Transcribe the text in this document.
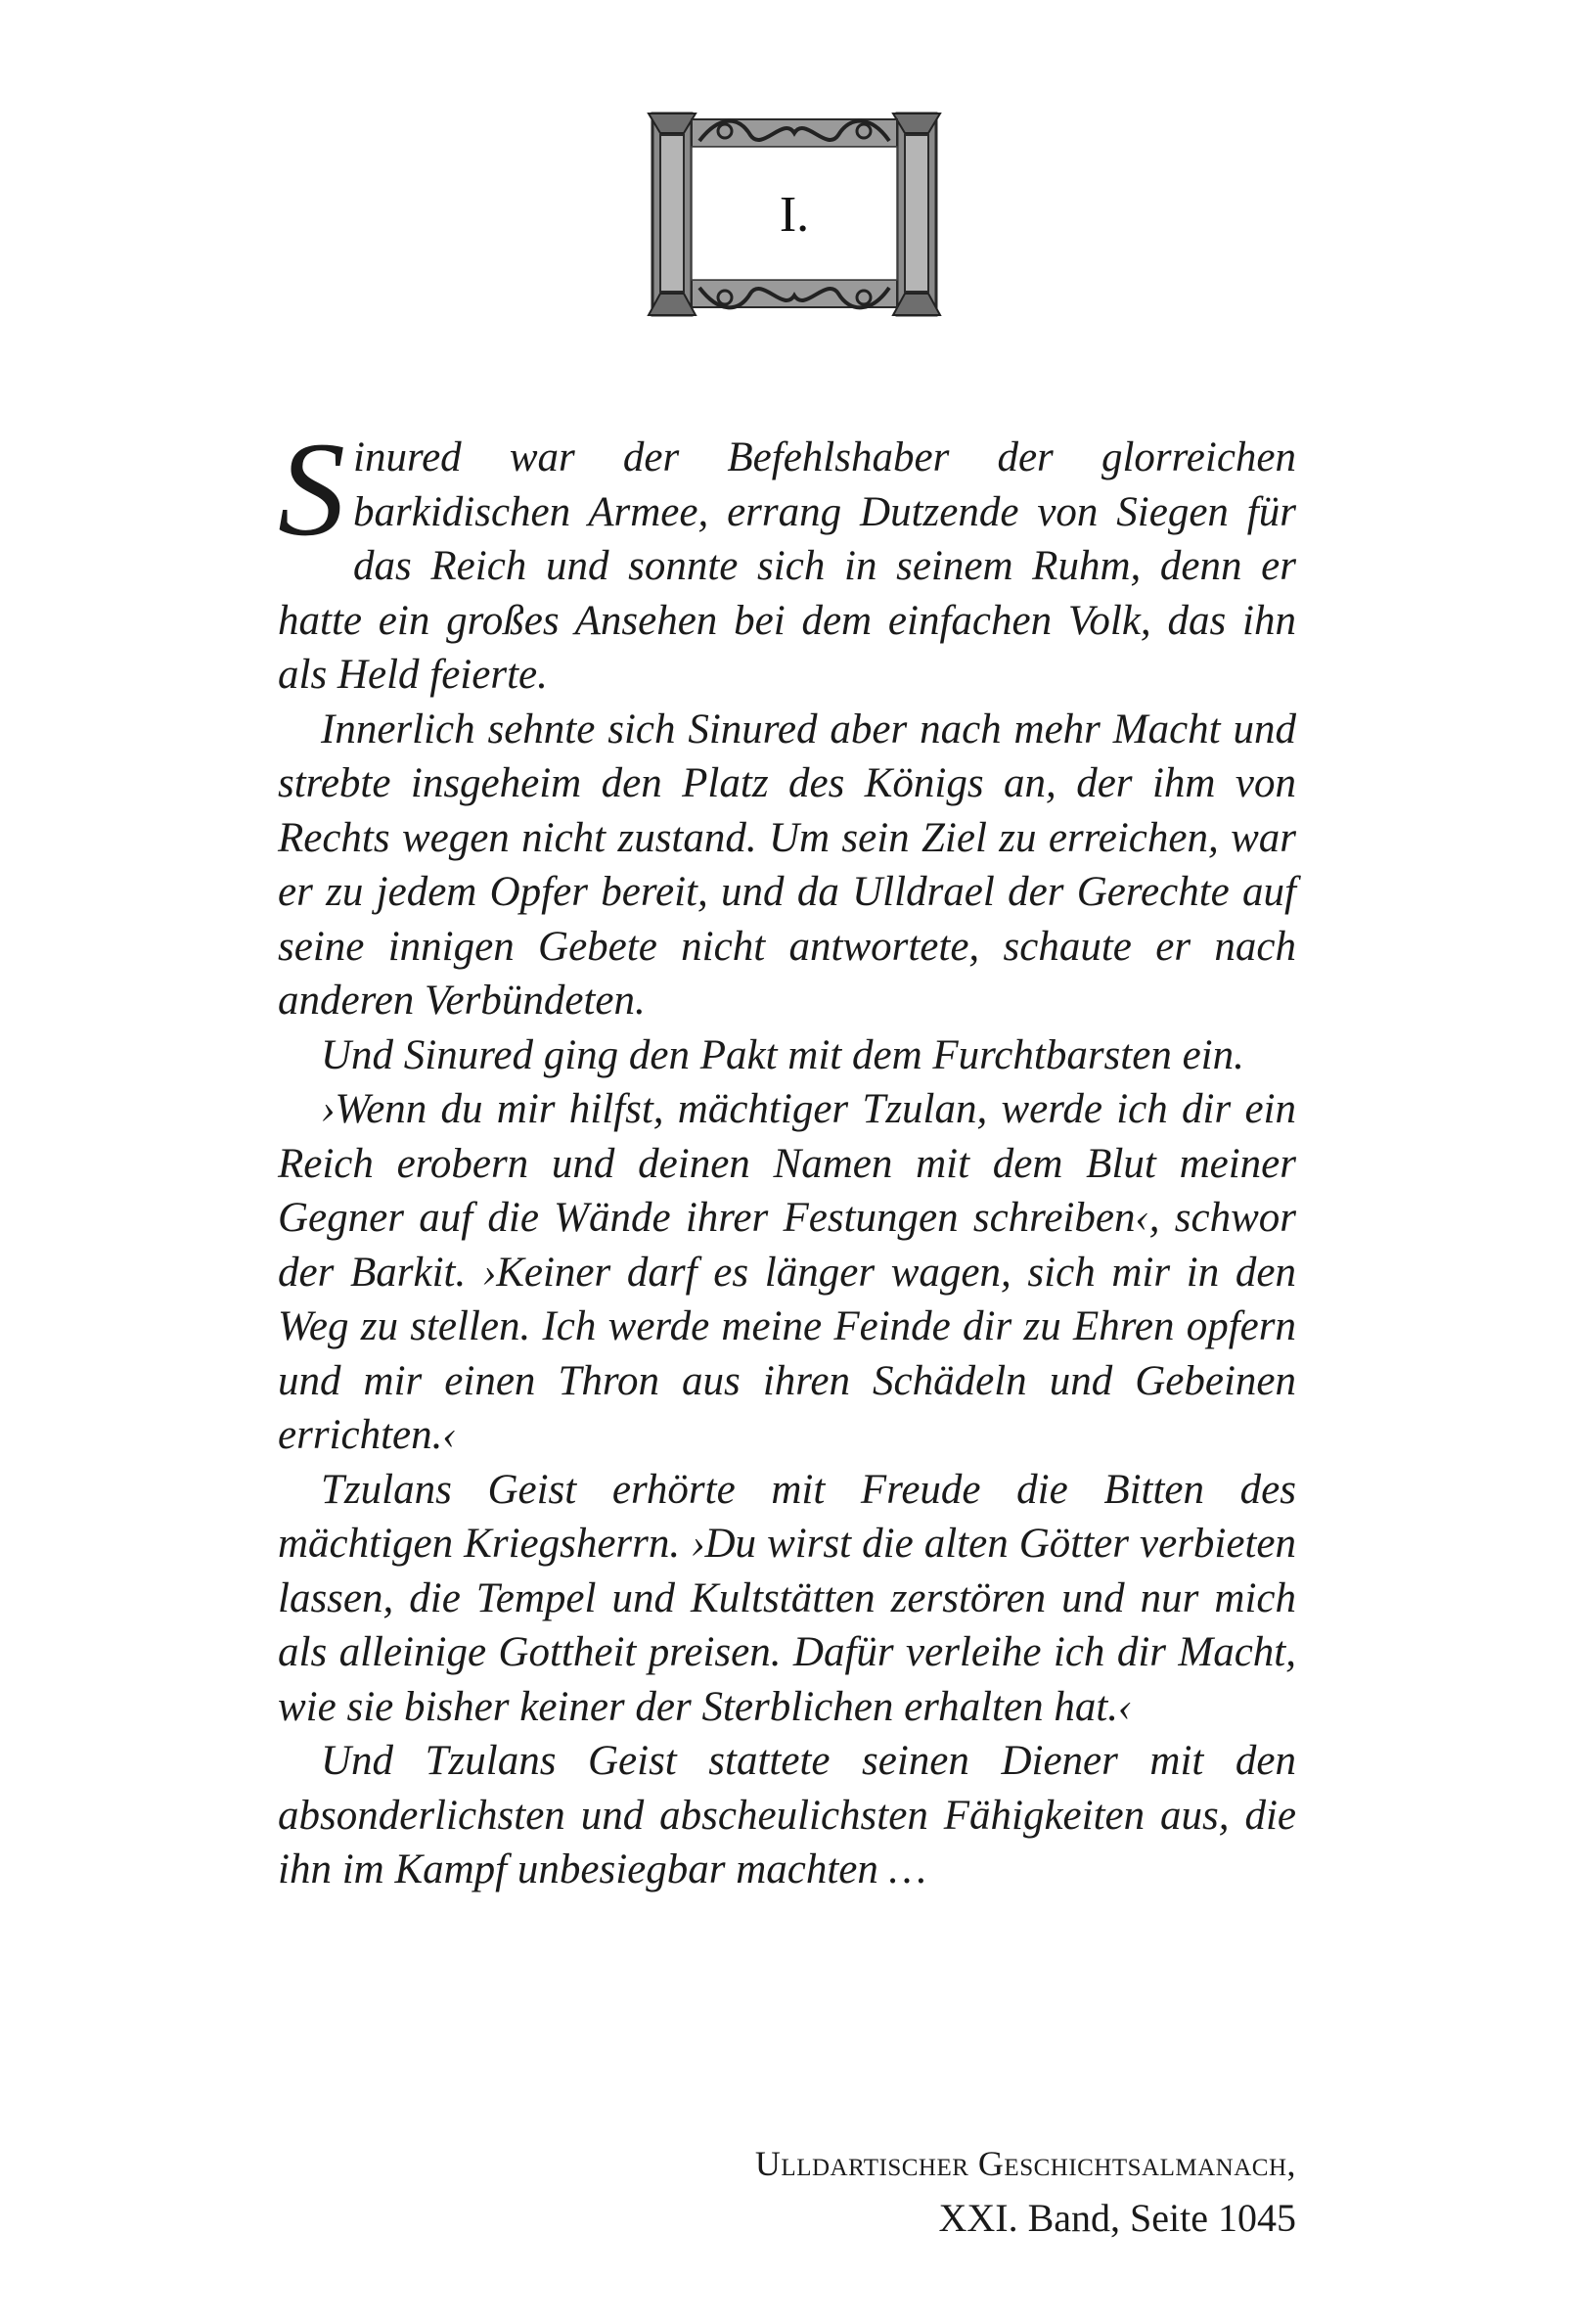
I.

Sinured war der Befehlshaber der glorreichen barkidischen Armee, errang Dutzende von Siegen für das Reich und sonnte sich in seinem Ruhm, denn er hatte ein großes Ansehen bei dem einfachen Volk, das ihn als Held feierte.

Innerlich sehnte sich Sinured aber nach mehr Macht und strebte insgeheim den Platz des Königs an, der ihm von Rechts wegen nicht zustand. Um sein Ziel zu erreichen, war er zu jedem Opfer bereit, und da Ulldrael der Gerechte auf seine innigen Gebete nicht antwortete, schaute er nach anderen Verbündeten.

Und Sinured ging den Pakt mit dem Furchtbarsten ein.

›Wenn du mir hilfst, mächtiger Tzulan, werde ich dir ein Reich erobern und deinen Namen mit dem Blut meiner Gegner auf die Wände ihrer Festungen schreiben‹, schwor der Barkit. ›Keiner darf es länger wagen, sich mir in den Weg zu stellen. Ich werde meine Feinde dir zu Ehren opfern und mir einen Thron aus ihren Schädeln und Gebeinen errichten.‹

Tzulans Geist erhörte mit Freude die Bitten des mächtigen Kriegsherrn. ›Du wirst die alten Götter verbieten lassen, die Tempel und Kultstätten zerstören und nur mich als alleinige Gottheit preisen. Dafür verleihe ich dir Macht, wie sie bisher keiner der Sterblichen erhalten hat.‹

Und Tzulans Geist stattete seinen Diener mit den absonderlichsten und abscheulichsten Fähigkeiten aus, die ihn im Kampf unbesiegbar machten …

Ulldartischer Geschichtsalmanach,
XXI. Band, Seite 1045
